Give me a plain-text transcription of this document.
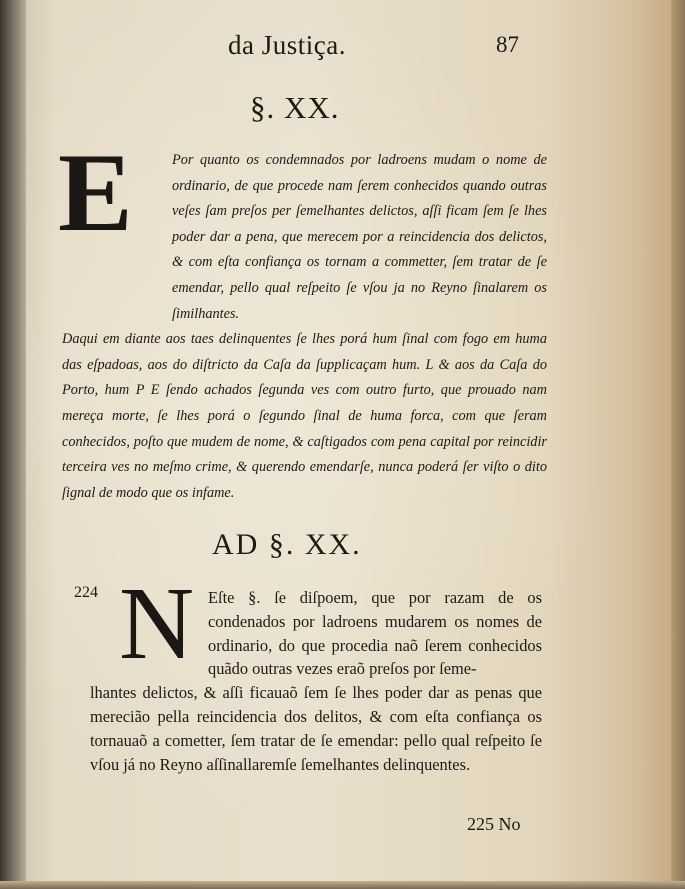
da Justiça.	87
§. XX.
E	Por quanto os condemnados por ladroens mudam o nome de ordinario, de que procede nam ſerem conhecidos quando outras veſes ſam preſos per ſemelhantes delictos, aſſi ficam ſem ſe lhes poder dar a pena, que merecem por a reincidencia dos delictos, & com eſta confiança os tornam a commetter, ſem tratar de ſe emendar, pello qual reſpeito ſe vſou ja no Reyno ſinalarem os ſimilhantes.
Daqui em diante aos taes delinquentes ſe lhes porá hum ſinal com fogo em huma das eſpadoas, aos do diſtricto da Caſa da ſupplicaçam hum. L & aos da Caſa do Porto, hum P E ſendo achados ſegunda ves com outro furto, que prouado nam mereça morte, ſe lhes porá o ſegundo ſinal de huma forca, com que ſeram conhecidos, poſto que mudem de nome, & caſtigados com pena capital por reincidir terceira ves no meſmo crime, & querendo emendarſe, nunca poderá ſer viſto o dito ſignal de modo que os infame.
AD §. XX.
224 N Eſte §. ſe diſpoem, que por razam de os condenados por ladroens mudarem os nomes de ordinario, do que procedia naõ ſerem conhecidos quãdo outras vezes eraõ preſos por ſeme-
lhantes delictos, & aſſi ficauaõ ſem ſe lhes poder dar as penas que merecião pella reincidencia dos delitos, & com eſta confiança os tornauaõ a cometter, ſem tratar de ſe emendar: pello qual reſpeito ſe vſou já no Reyno aſſinallaremſe ſemelhantes delinquentes.
225 No
